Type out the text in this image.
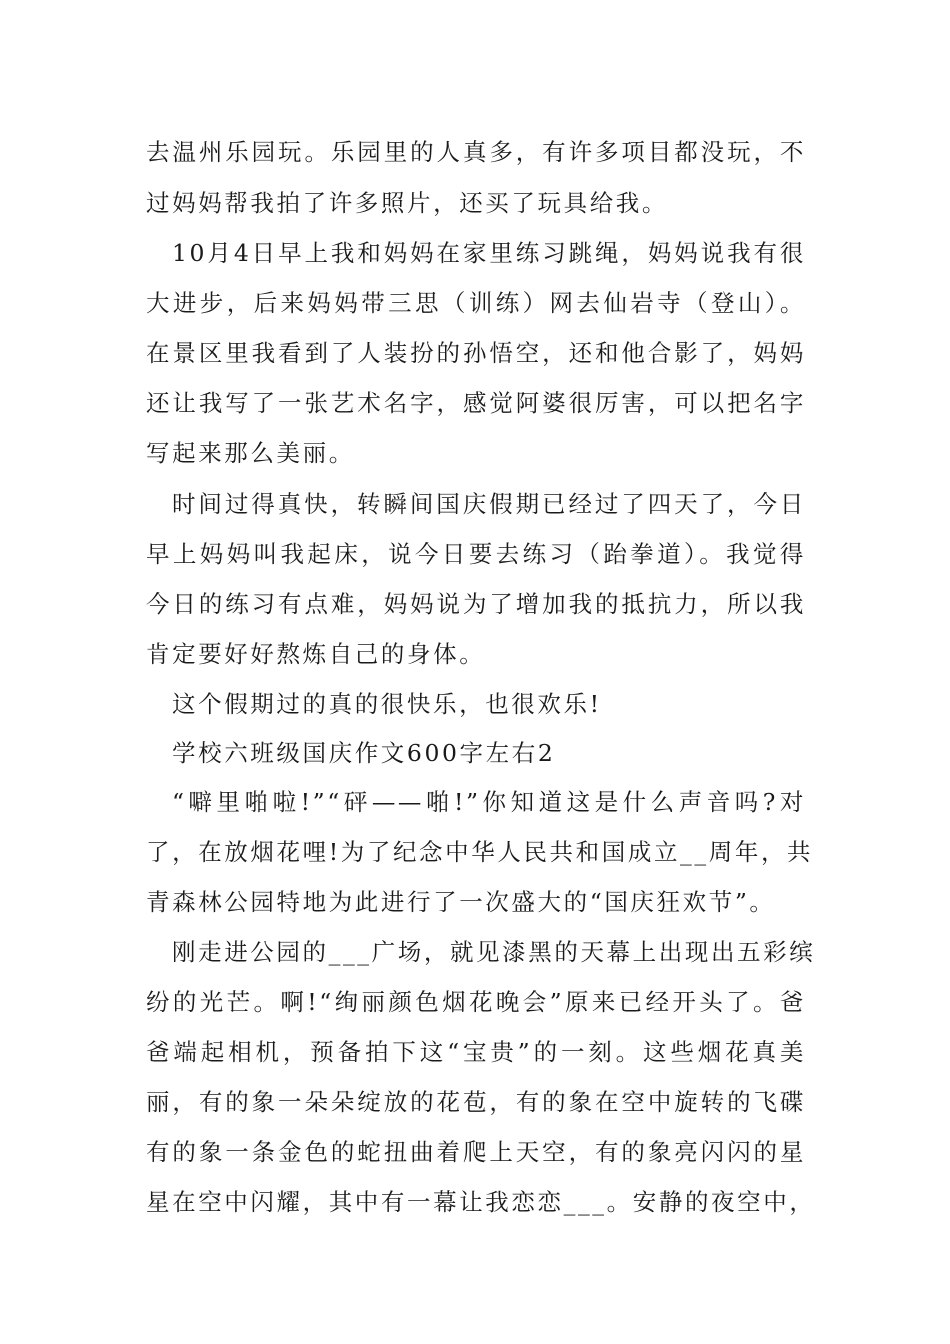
去温州乐园玩。乐园里的人真多，有许多项目都没玩，不
过妈妈帮我拍了许多照片，还买了玩具给我。
10月4日早上我和妈妈在家里练习跳绳，妈妈说我有很
大进步，后来妈妈带三思（训练）网去仙岩寺（登山）。
在景区里我看到了人装扮的孙悟空，还和他合影了，妈妈
还让我写了一张艺术名字，感觉阿婆很厉害，可以把名字
写起来那么美丽。
时间过得真快，转瞬间国庆假期已经过了四天了，今日
早上妈妈叫我起床，说今日要去练习（跆拳道）。我觉得
今日的练习有点难，妈妈说为了增加我的抵抗力，所以我
肯定要好好熬炼自己的身体。
这个假期过的真的很快乐，也很欢乐!
学校六班级国庆作文600字左右2
“噼里啪啦!”“砰——啪!”你知道这是什么声音吗?对
了，在放烟花哩!为了纪念中华人民共和国成立__周年，共
青森林公园特地为此进行了一次盛大的“国庆狂欢节”。
刚走进公园的___广场，就见漆黑的天幕上出现出五彩缤
纷的光芒。啊!“绚丽颜色烟花晚会”原来已经开头了。爸
爸端起相机，预备拍下这“宝贵”的一刻。这些烟花真美
丽，有的象一朵朵绽放的花苞，有的象在空中旋转的飞碟
有的象一条金色的蛇扭曲着爬上天空，有的象亮闪闪的星
星在空中闪耀，其中有一幕让我恋恋___。安静的夜空中，
